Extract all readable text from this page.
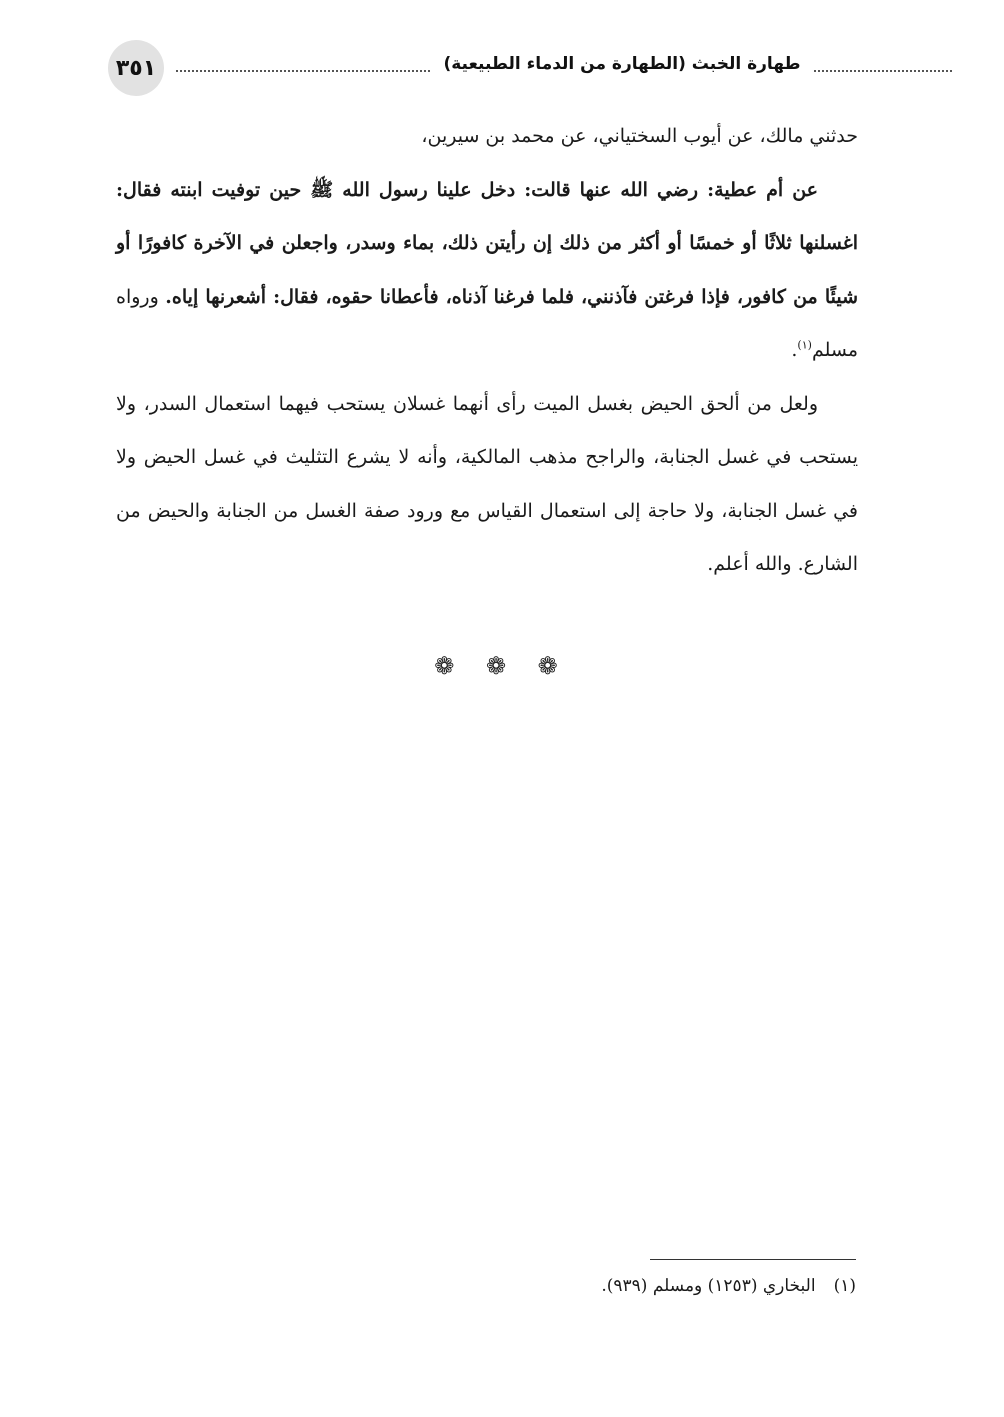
٣٥١	طهارة الخبث (الطهارة من الدماء الطبيعية)

حدثني مالك، عن أيوب السختياني، عن محمد بن سيرين،

عن أم عطية: رضي الله عنها قالت: دخل علينا رسول الله ﷺ حين توفيت ابنته فقال: اغسلنها ثلاثًا أو خمسًا أو أكثر من ذلك إن رأيتن ذلك، بماء وسدر، واجعلن في الآخرة كافورًا أو شيئًا من كافور، فإذا فرغتن فآذنني، فلما فرغنا آذناه، فأعطانا حقوه، فقال: أشعرنها إياه. ورواه مسلم$^{(١)}$.

ولعل من ألحق الحيض بغسل الميت رأى أنهما غسلان يستحب فيهما استعمال السدر، ولا يستحب في غسل الجنابة، والراجح مذهب المالكية، وأنه لا يشرع التثليث في غسل الحيض ولا في غسل الجنابة، ولا حاجة إلى استعمال القياس مع ورود صفة الغسل من الجنابة والحيض من الشارع. والله أعلم.

❁ ❁ ❁
(١)البخاري (١٢٥٣) ومسلم (٩٣٩).
